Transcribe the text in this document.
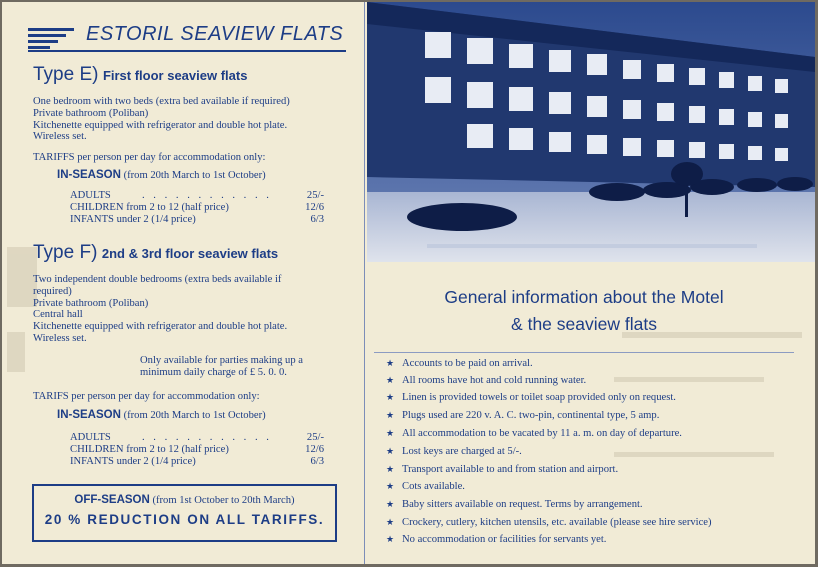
ESTORIL SEAVIEW FLATS
Type E) First floor seaview flats
One bedroom with two beds (extra bed available if required)
Private bathroom (Poliban)
Kitchenette equipped with refrigerator and double hot plate.
Wireless set.
TARIFFS per person per day for accommodation only:
IN-SEASON (from 20th March to 1st October)
ADULTS	. . . . . . . . . . . .	25/-
CHILDREN from 2 to 12 (half price)	12/6
INFANTS under 2 (1/4 price)	6/3
Type F) 2nd & 3rd floor seaview flats
Two independent double bedrooms (extra beds available if
required)
Private bathroom (Poliban)
Central hall
Kitchenette equipped with refrigerator and double hot plate.
Wireless set.
Only available for parties making up a
minimum daily charge of £ 5. 0. 0.
TARIFS per person per day for accommodation only:
IN-SEASON (from 20th March to 1st October)
ADULTS	. . . . . . . . . . . .	25/-
CHILDREN from 2 to 12 (half price)	12/6
INFANTS under 2 (1/4 price)	6/3
OFF-SEASON (from 1st October to 20th March)
20 % REDUCTION ON ALL TARIFFS.
General information about the Motel
& the seaview flats
★ Accounts to be paid on arrival.
★ All rooms have hot and cold running water.
★ Linen is provided towels or toilet soap provided only on request.
★ Plugs used are 220 v. A. C. two-pin, continental type, 5 amp.
★ All accommodation to be vacated by 11 a. m. on day of departure.
★ Lost keys are charged at 5/-.
★ Transport available to and from station and airport.
★ Cots available.
★ Baby sitters available on request. Terms by arrangement.
★ Crockery, cutlery, kitchen utensils, etc. available (please see hire service)
★ No accommodation or facilities for servants yet.
